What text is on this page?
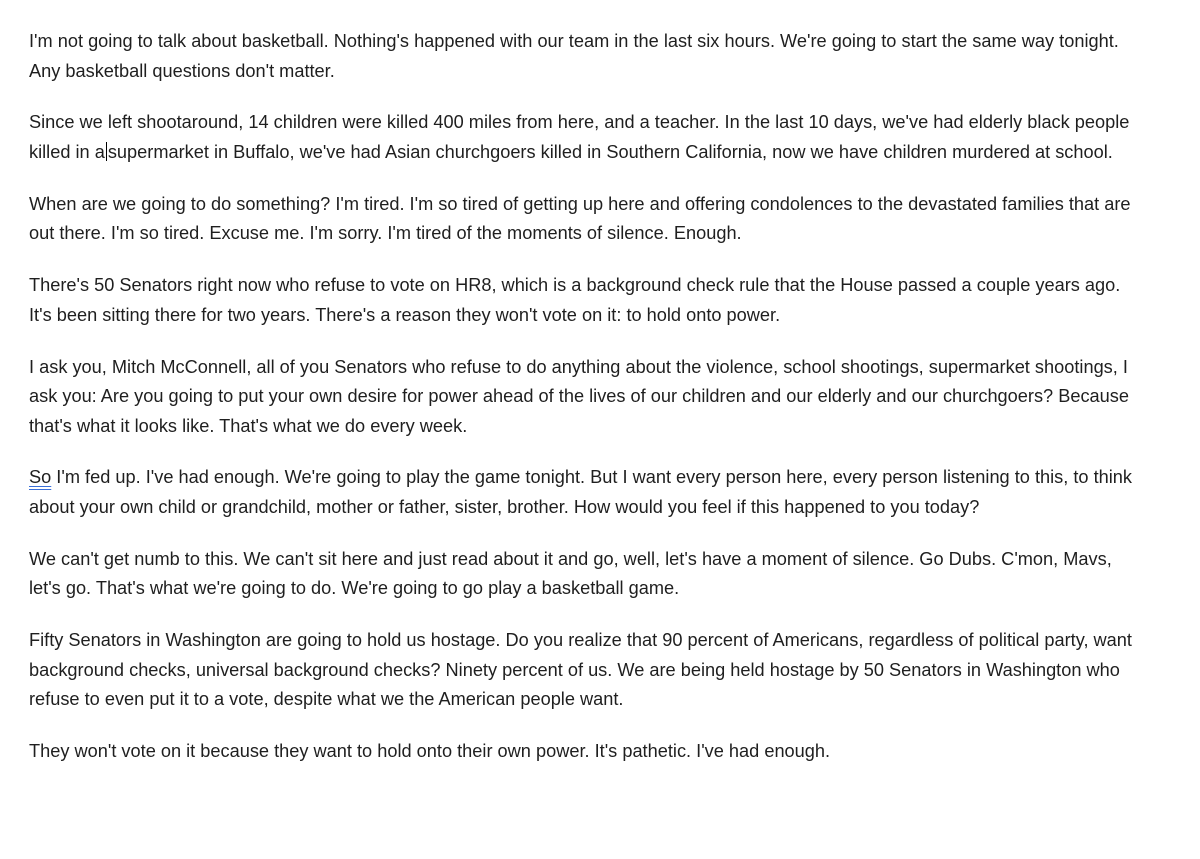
I'm not going to talk about basketball. Nothing's happened with our team in the last six hours. We're going to start the same way tonight. Any basketball questions don't matter.

Since we left shootaround, 14 children were killed 400 miles from here, and a teacher. In the last 10 days, we've had elderly black people killed in a supermarket in Buffalo, we've had Asian churchgoers killed in Southern California, now we have children murdered at school.

When are we going to do something? I'm tired. I'm so tired of getting up here and offering condolences to the devastated families that are out there. I'm so tired. Excuse me. I'm sorry. I'm tired of the moments of silence. Enough.

There's 50 Senators right now who refuse to vote on HR8, which is a background check rule that the House passed a couple years ago. It's been sitting there for two years. There's a reason they won't vote on it: to hold onto power.

I ask you, Mitch McConnell, all of you Senators who refuse to do anything about the violence, school shootings, supermarket shootings, I ask you: Are you going to put your own desire for power ahead of the lives of our children and our elderly and our churchgoers? Because that's what it looks like. That's what we do every week.

So I'm fed up. I've had enough. We're going to play the game tonight. But I want every person here, every person listening to this, to think about your own child or grandchild, mother or father, sister, brother. How would you feel if this happened to you today?

We can't get numb to this. We can't sit here and just read about it and go, well, let's have a moment of silence. Go Dubs. C'mon, Mavs, let's go. That's what we're going to do. We're going to go play a basketball game.

Fifty Senators in Washington are going to hold us hostage. Do you realize that 90 percent of Americans, regardless of political party, want background checks, universal background checks? Ninety percent of us. We are being held hostage by 50 Senators in Washington who refuse to even put it to a vote, despite what we the American people want.

They won't vote on it because they want to hold onto their own power. It's pathetic. I've had enough.
